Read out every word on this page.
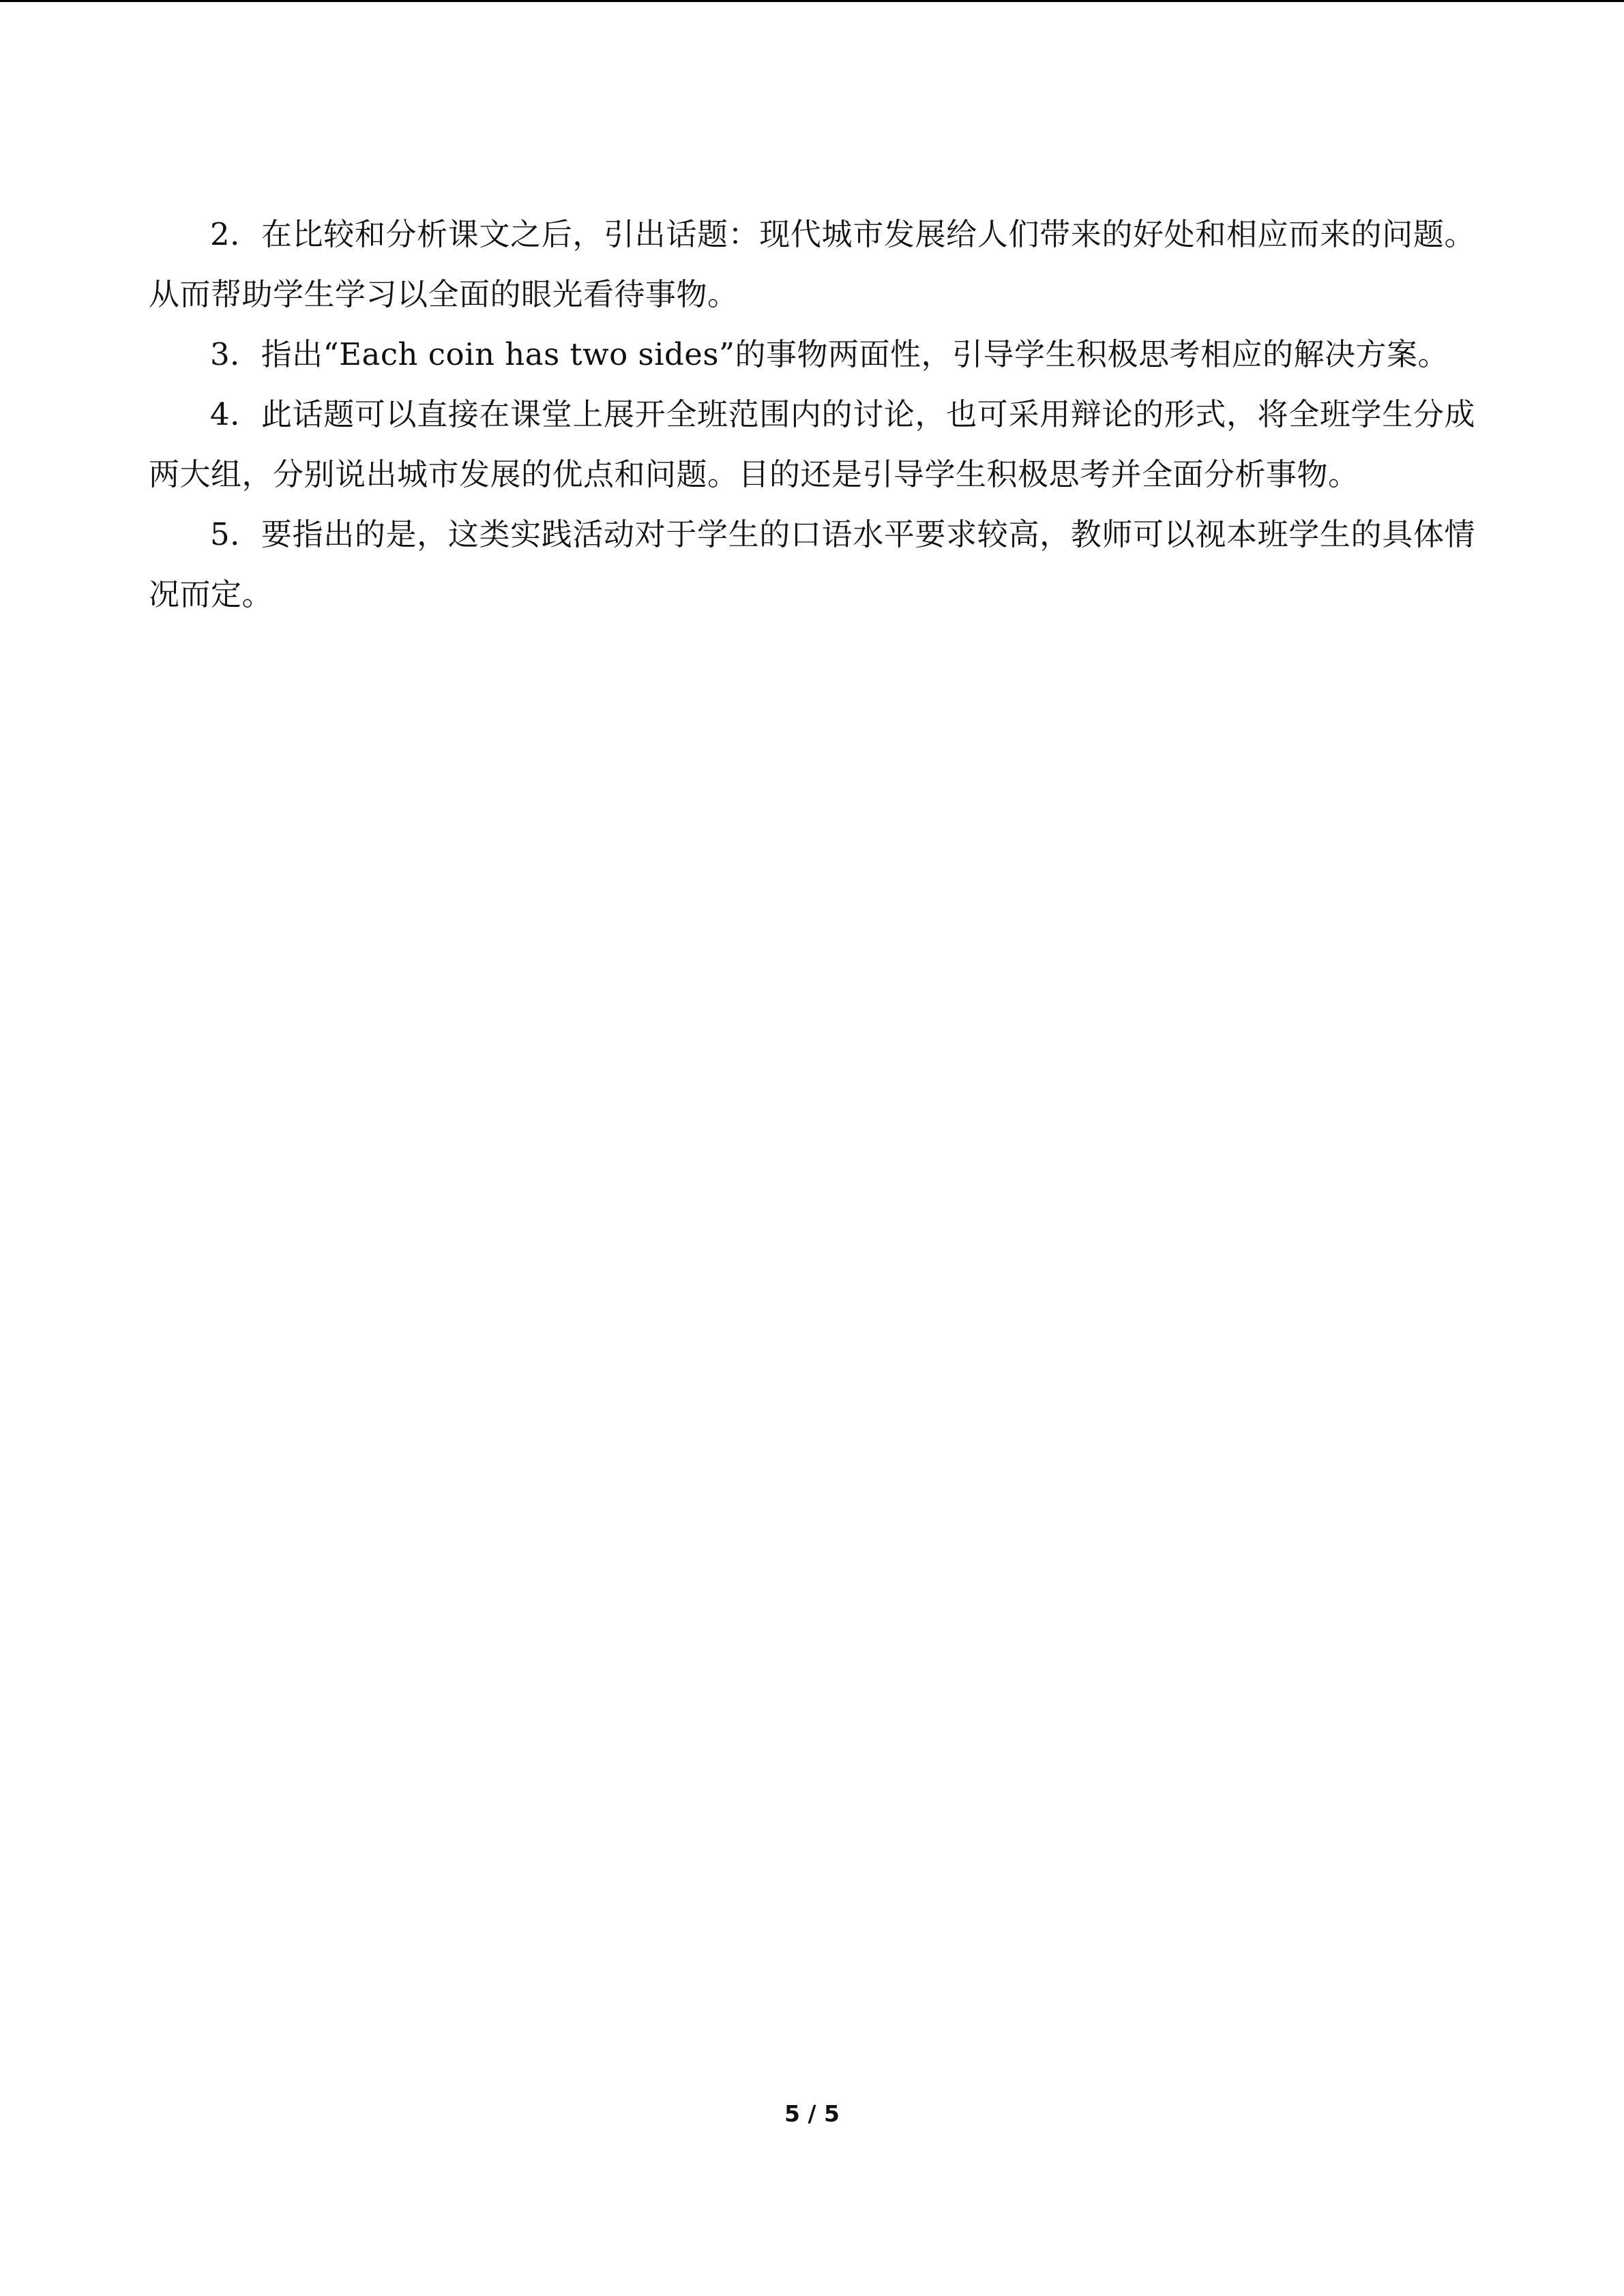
2．在比较和分析课文之后，引出话题：现代城市发展给人们带来的好处和相应而来的问题。从而帮助学生学习以全面的眼光看待事物。

3．指出“Each coin has two sides”的事物两面性，引导学生积极思考相应的解决方案。

4．此话题可以直接在课堂上展开全班范围内的讨论，也可采用辩论的形式，将全班学生分成两大组，分别说出城市发展的优点和问题。目的还是引导学生积极思考并全面分析事物。

5．要指出的是，这类实践活动对于学生的口语水平要求较高，教师可以视本班学生的具体情况而定。

5 / 5
